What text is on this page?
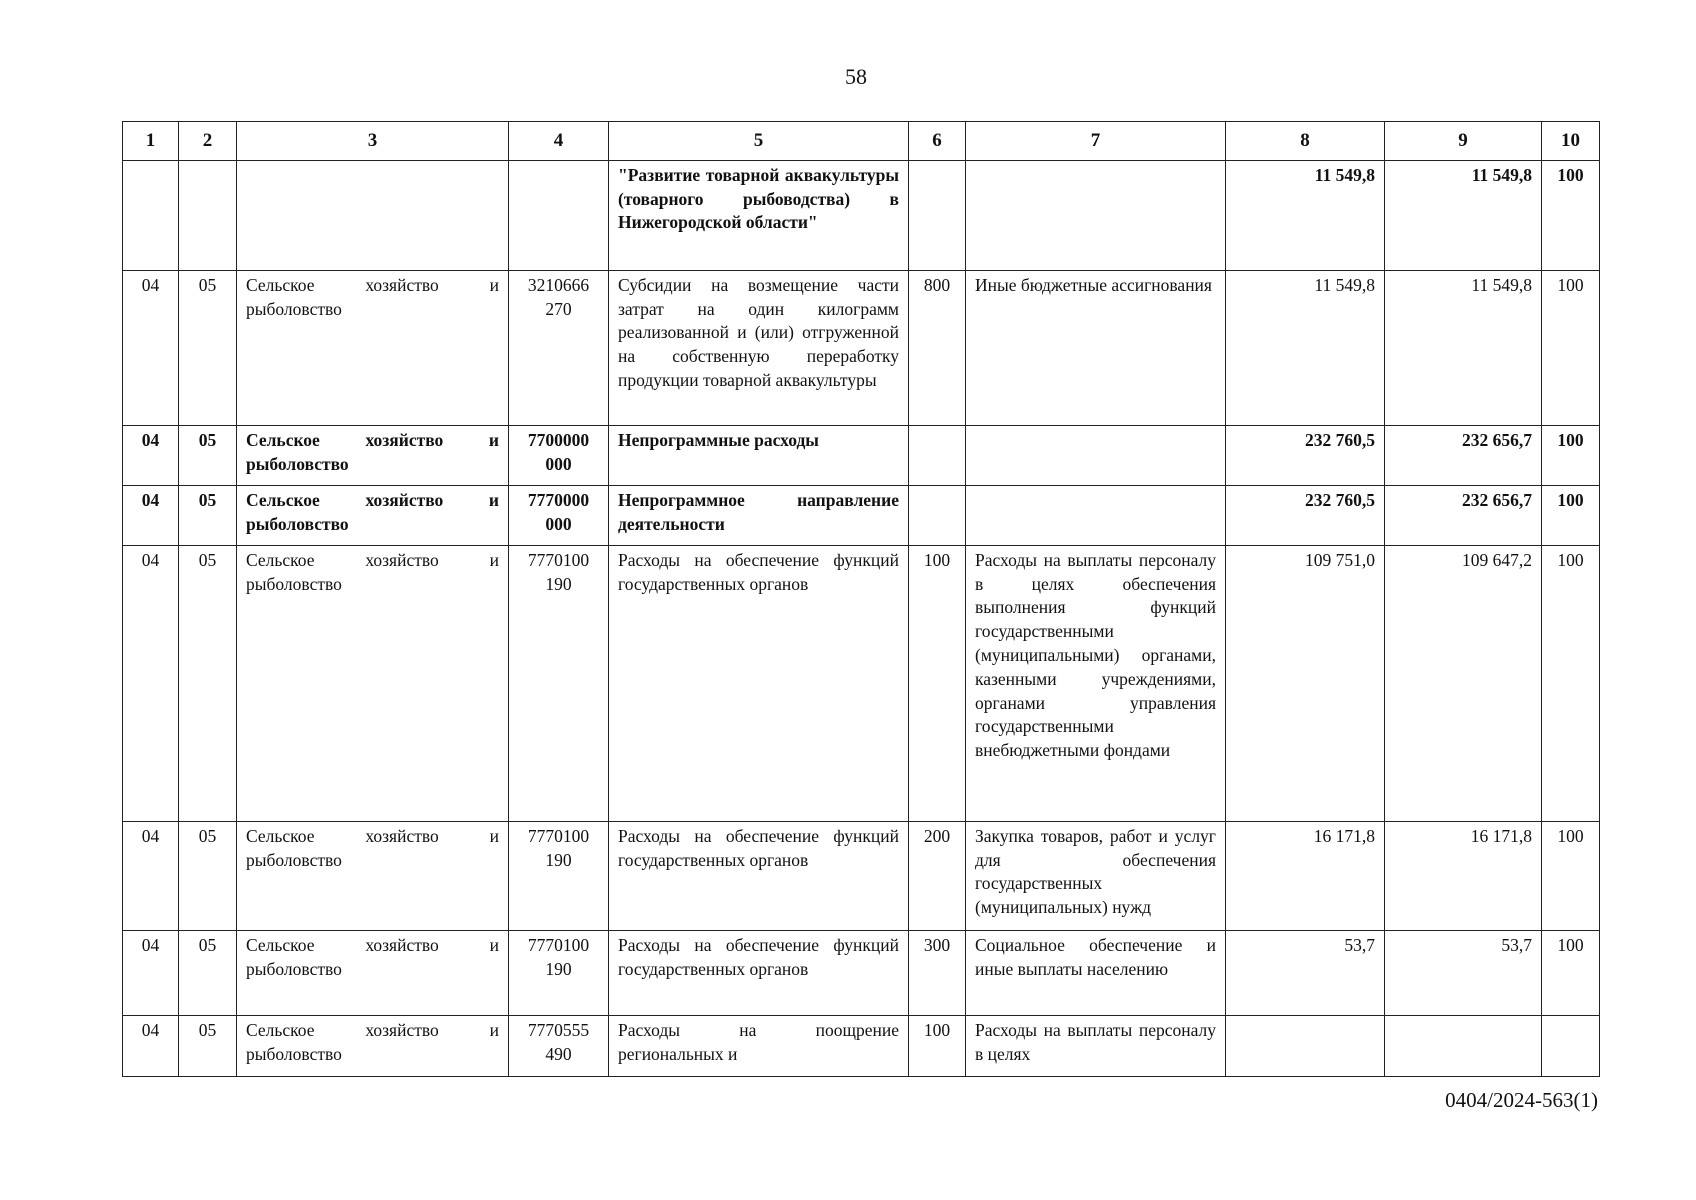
58
1	2	3	4	5	6	7	8	9	10
				"Развитие товарной аквакультуры (товарного рыбоводства) в Нижегородской области"			11 549,8	11 549,8	100
04	05	Сельское хозяйство и рыболовство	3210666 270	Субсидии на возмещение части затрат на один килограмм реализованной и (или) отгруженной на собственную переработку продукции товарной аквакультуры	800	Иные бюджетные ассигнования	11 549,8	11 549,8	100
04	05	Сельское хозяйство и рыболовство	7700000 000	Непрограммные расходы			232 760,5	232 656,7	100
04	05	Сельское хозяйство и рыболовство	7770000 000	Непрограммное направление деятельности			232 760,5	232 656,7	100
04	05	Сельское хозяйство и рыболовство	7770100 190	Расходы на обеспечение функций государственных органов	100	Расходы на выплаты персоналу в целях обеспечения выполнения функций государственными (муниципальными) органами, казенными учреждениями, органами управления государственными внебюджетными фондами	109 751,0	109 647,2	100
04	05	Сельское хозяйство и рыболовство	7770100 190	Расходы на обеспечение функций государственных органов	200	Закупка товаров, работ и услуг для обеспечения государственных (муниципальных) нужд	16 171,8	16 171,8	100
04	05	Сельское хозяйство и рыболовство	7770100 190	Расходы на обеспечение функций государственных органов	300	Социальное обеспечение и иные выплаты населению	53,7	53,7	100
04	05	Сельское хозяйство и рыболовство	7770555 490	Расходы на поощрение региональных и	100	Расходы на выплаты персоналу в целях			
0404/2024-563(1)
